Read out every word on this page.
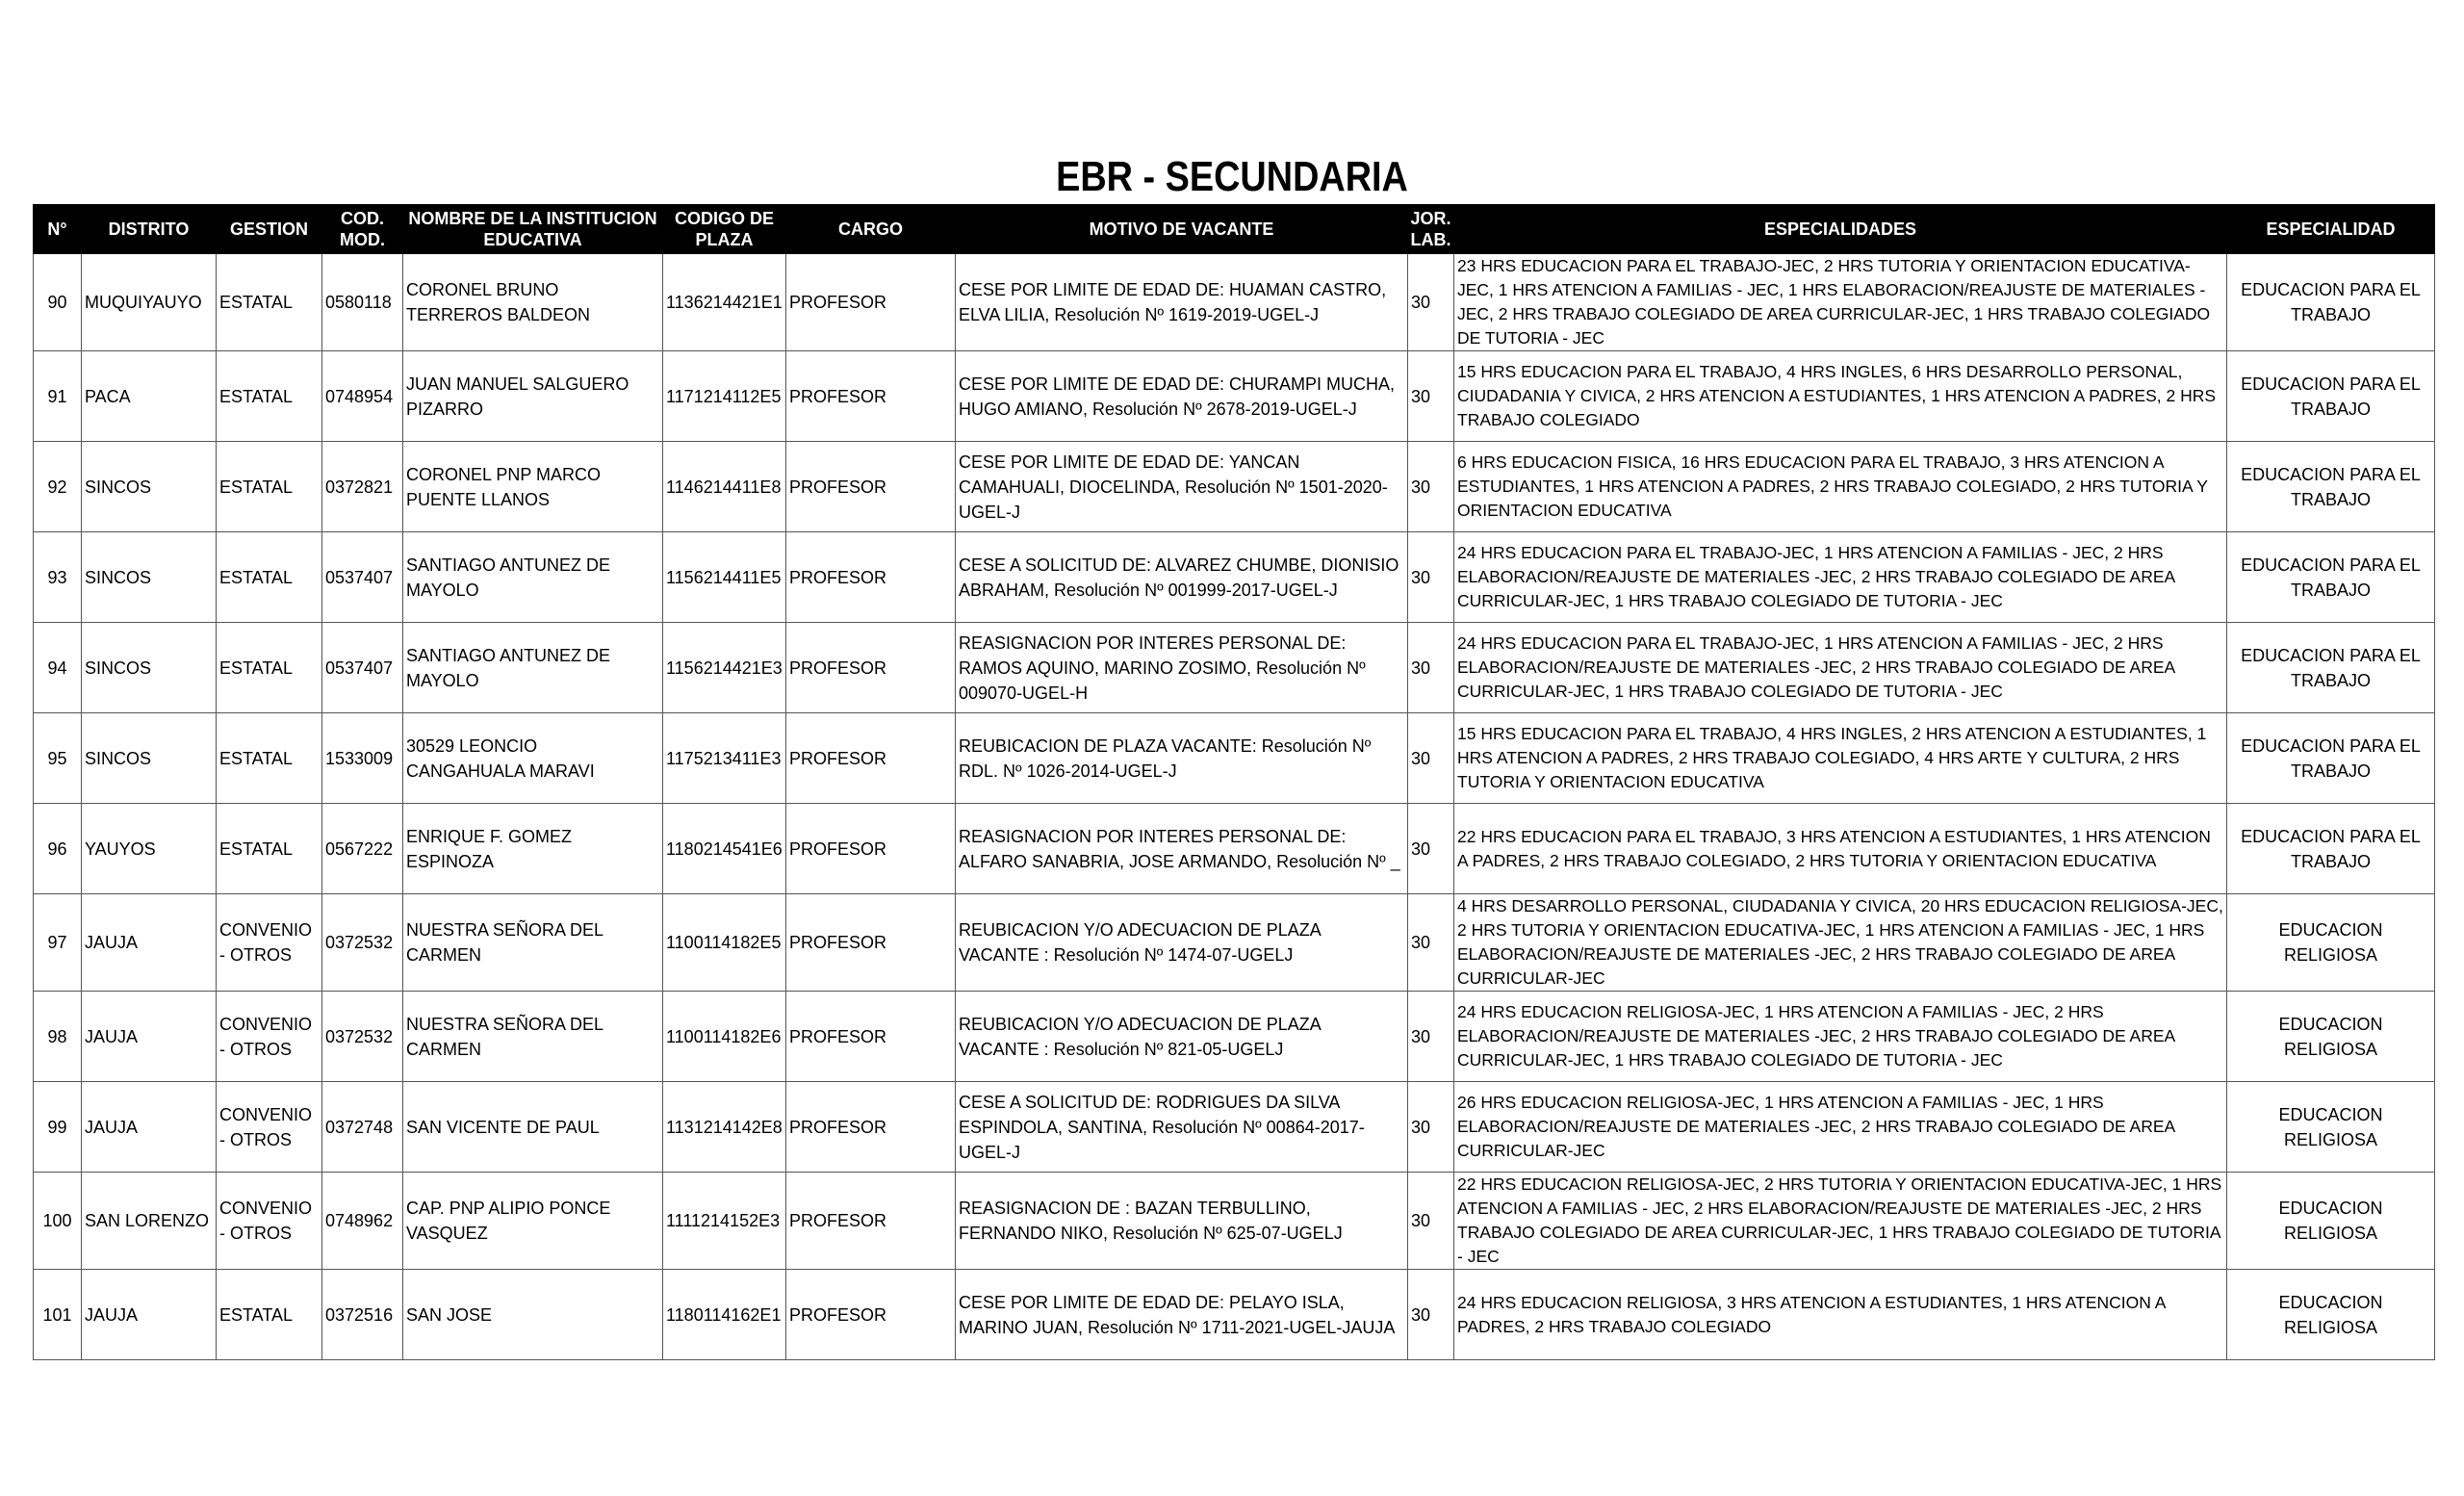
EBR - SECUNDARIA
N°	DISTRITO	GESTION	COD. MOD.	NOMBRE DE LA INSTITUCION EDUCATIVA	CODIGO DE PLAZA	CARGO	MOTIVO DE VACANTE	JOR. LAB.	ESPECIALIDADES	ESPECIALIDAD
90	MUQUIYAUYO	ESTATAL	0580118	CORONEL BRUNO TERREROS BALDEON	1136214421E1	PROFESOR	CESE POR LIMITE DE EDAD DE: HUAMAN CASTRO, ELVA LILIA, Resolución Nº 1619-2019-UGEL-J	30	23 HRS EDUCACION PARA EL TRABAJO-JEC, 2 HRS TUTORIA Y ORIENTACION EDUCATIVA-JEC, 1 HRS ATENCION A FAMILIAS - JEC, 1 HRS ELABORACION/REAJUSTE DE MATERIALES -JEC, 2 HRS TRABAJO COLEGIADO DE AREA CURRICULAR-JEC, 1 HRS TRABAJO COLEGIADO DE TUTORIA - JEC	EDUCACION PARA EL TRABAJO
91	PACA	ESTATAL	0748954	JUAN MANUEL SALGUERO PIZARRO	1171214112E5	PROFESOR	CESE POR LIMITE DE EDAD DE: CHURAMPI MUCHA, HUGO AMIANO, Resolución Nº 2678-2019-UGEL-J	30	15 HRS EDUCACION PARA EL TRABAJO, 4 HRS INGLES, 6 HRS DESARROLLO PERSONAL, CIUDADANIA Y CIVICA, 2 HRS ATENCION A ESTUDIANTES, 1 HRS ATENCION A PADRES, 2 HRS TRABAJO COLEGIADO	EDUCACION PARA EL TRABAJO
92	SINCOS	ESTATAL	0372821	CORONEL PNP MARCO PUENTE LLANOS	1146214411E8	PROFESOR	CESE POR LIMITE DE EDAD DE: YANCAN CAMAHUALI, DIOCELINDA, Resolución Nº 1501-2020-UGEL-J	30	6 HRS EDUCACION FISICA, 16 HRS EDUCACION PARA EL TRABAJO, 3 HRS ATENCION A ESTUDIANTES, 1 HRS ATENCION A PADRES, 2 HRS TRABAJO COLEGIADO, 2 HRS TUTORIA Y ORIENTACION EDUCATIVA	EDUCACION PARA EL TRABAJO
93	SINCOS	ESTATAL	0537407	SANTIAGO ANTUNEZ DE MAYOLO	1156214411E5	PROFESOR	CESE A SOLICITUD DE: ALVAREZ CHUMBE, DIONISIO ABRAHAM, Resolución Nº 001999-2017-UGEL-J	30	24 HRS EDUCACION PARA EL TRABAJO-JEC, 1 HRS ATENCION A FAMILIAS - JEC, 2 HRS ELABORACION/REAJUSTE DE MATERIALES -JEC, 2 HRS TRABAJO COLEGIADO DE AREA CURRICULAR-JEC, 1 HRS TRABAJO COLEGIADO DE TUTORIA - JEC	EDUCACION PARA EL TRABAJO
94	SINCOS	ESTATAL	0537407	SANTIAGO ANTUNEZ DE MAYOLO	1156214421E3	PROFESOR	REASIGNACION POR INTERES PERSONAL DE: RAMOS AQUINO, MARINO ZOSIMO, Resolución Nº 009070-UGEL-H	30	24 HRS EDUCACION PARA EL TRABAJO-JEC, 1 HRS ATENCION A FAMILIAS - JEC, 2 HRS ELABORACION/REAJUSTE DE MATERIALES -JEC, 2 HRS TRABAJO COLEGIADO DE AREA CURRICULAR-JEC, 1 HRS TRABAJO COLEGIADO DE TUTORIA - JEC	EDUCACION PARA EL TRABAJO
95	SINCOS	ESTATAL	1533009	30529 LEONCIO CANGAHUALA MARAVI	1175213411E3	PROFESOR	REUBICACION DE PLAZA VACANTE: Resolución Nº RDL. Nº 1026-2014-UGEL-J	30	15 HRS EDUCACION PARA EL TRABAJO, 4 HRS INGLES, 2 HRS ATENCION A ESTUDIANTES, 1 HRS ATENCION A PADRES, 2 HRS TRABAJO COLEGIADO, 4 HRS ARTE Y CULTURA, 2 HRS TUTORIA Y ORIENTACION EDUCATIVA	EDUCACION PARA EL TRABAJO
96	YAUYOS	ESTATAL	0567222	ENRIQUE F. GOMEZ ESPINOZA	1180214541E6	PROFESOR	REASIGNACION POR INTERES PERSONAL DE: ALFARO SANABRIA, JOSE ARMANDO, Resolución Nº _	30	22 HRS EDUCACION PARA EL TRABAJO, 3 HRS ATENCION A ESTUDIANTES, 1 HRS ATENCION A PADRES, 2 HRS TRABAJO COLEGIADO, 2 HRS TUTORIA Y ORIENTACION EDUCATIVA	EDUCACION PARA EL TRABAJO
97	JAUJA	CONVENIO - OTROS	0372532	NUESTRA SEÑORA DEL CARMEN	1100114182E5	PROFESOR	REUBICACION Y/O ADECUACION DE PLAZA VACANTE : Resolución Nº 1474-07-UGELJ	30	4 HRS DESARROLLO PERSONAL, CIUDADANIA Y CIVICA, 20 HRS EDUCACION RELIGIOSA-JEC, 2 HRS TUTORIA Y ORIENTACION EDUCATIVA-JEC, 1 HRS ATENCION A FAMILIAS - JEC, 1 HRS ELABORACION/REAJUSTE DE MATERIALES -JEC, 2 HRS TRABAJO COLEGIADO DE AREA CURRICULAR-JEC	EDUCACION RELIGIOSA
98	JAUJA	CONVENIO - OTROS	0372532	NUESTRA SEÑORA DEL CARMEN	1100114182E6	PROFESOR	REUBICACION Y/O ADECUACION DE PLAZA VACANTE : Resolución Nº 821-05-UGELJ	30	24 HRS EDUCACION RELIGIOSA-JEC, 1 HRS ATENCION A FAMILIAS - JEC, 2 HRS ELABORACION/REAJUSTE DE MATERIALES -JEC, 2 HRS TRABAJO COLEGIADO DE AREA CURRICULAR-JEC, 1 HRS TRABAJO COLEGIADO DE TUTORIA - JEC	EDUCACION RELIGIOSA
99	JAUJA	CONVENIO - OTROS	0372748	SAN VICENTE DE PAUL	1131214142E8	PROFESOR	CESE A SOLICITUD DE: RODRIGUES DA SILVA ESPINDOLA, SANTINA, Resolución Nº 00864-2017-UGEL-J	30	26 HRS EDUCACION RELIGIOSA-JEC, 1 HRS ATENCION A FAMILIAS - JEC, 1 HRS ELABORACION/REAJUSTE DE MATERIALES -JEC, 2 HRS TRABAJO COLEGIADO DE AREA CURRICULAR-JEC	EDUCACION RELIGIOSA
100	SAN LORENZO	CONVENIO - OTROS	0748962	CAP. PNP ALIPIO PONCE VASQUEZ	1111214152E3	PROFESOR	REASIGNACION DE : BAZAN TERBULLINO, FERNANDO NIKO, Resolución Nº 625-07-UGELJ	30	22 HRS EDUCACION RELIGIOSA-JEC, 2 HRS TUTORIA Y ORIENTACION EDUCATIVA-JEC, 1 HRS ATENCION A FAMILIAS - JEC, 2 HRS ELABORACION/REAJUSTE DE MATERIALES -JEC, 2 HRS TRABAJO COLEGIADO DE AREA CURRICULAR-JEC, 1 HRS TRABAJO COLEGIADO DE TUTORIA - JEC	EDUCACION RELIGIOSA
101	JAUJA	ESTATAL	0372516	SAN JOSE	1180114162E1	PROFESOR	CESE POR LIMITE DE EDAD DE: PELAYO ISLA, MARINO JUAN, Resolución Nº 1711-2021-UGEL-JAUJA	30	24 HRS EDUCACION RELIGIOSA, 3 HRS ATENCION A ESTUDIANTES, 1 HRS ATENCION A PADRES, 2 HRS TRABAJO COLEGIADO	EDUCACION RELIGIOSA
